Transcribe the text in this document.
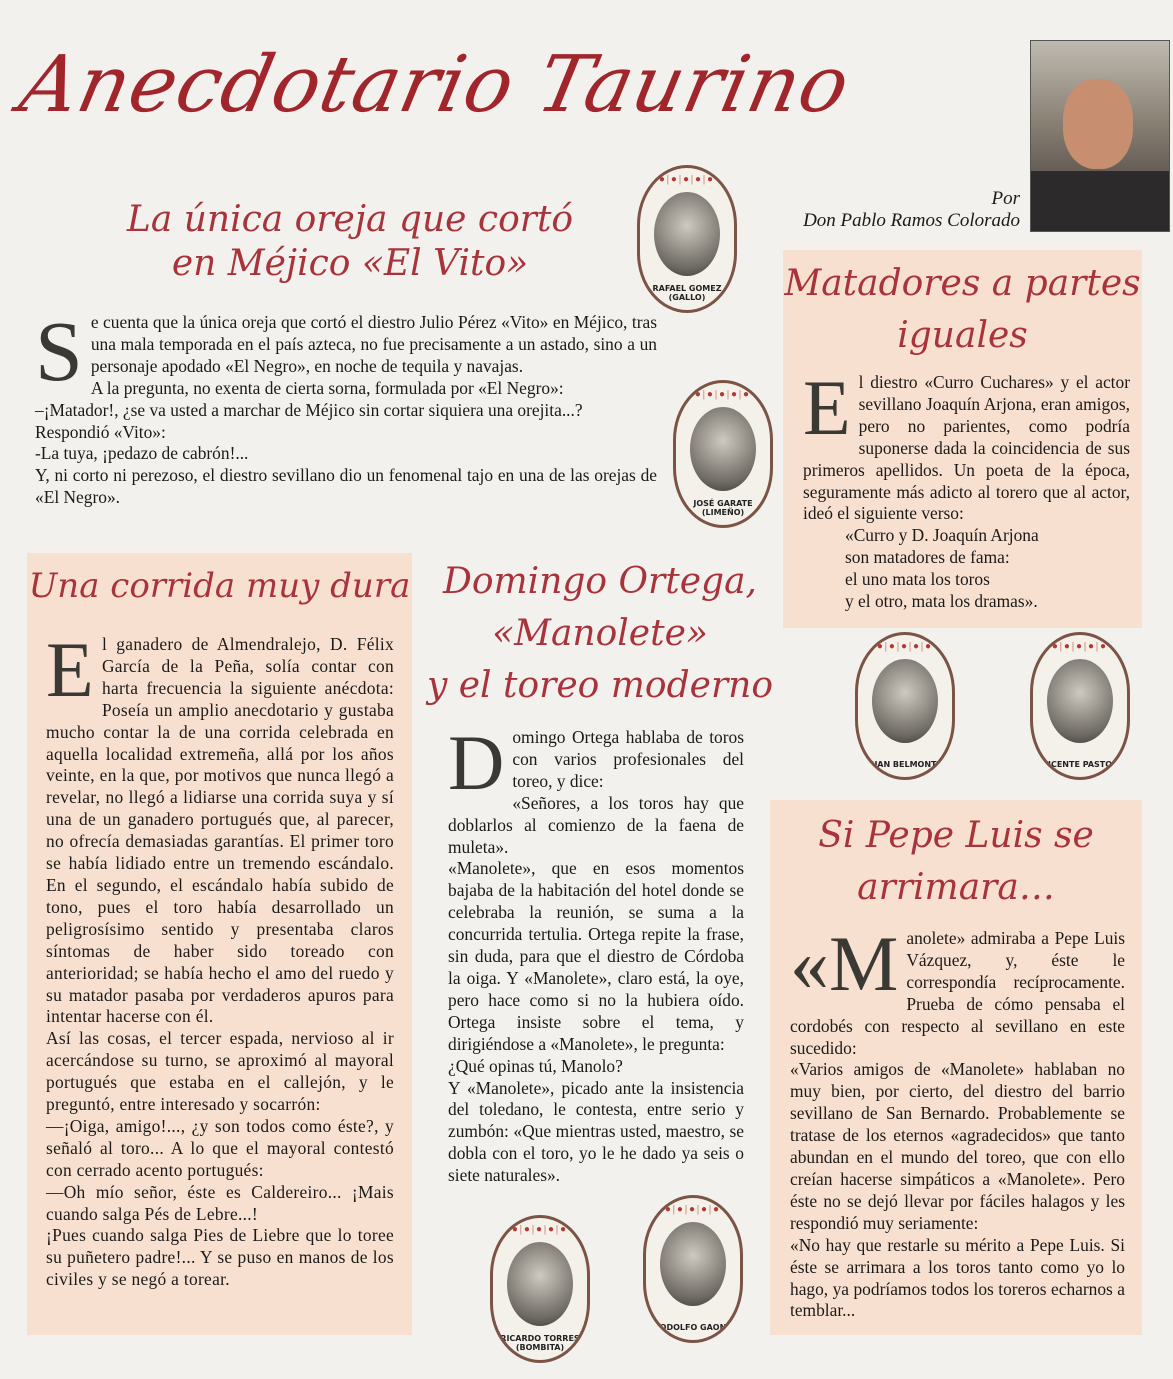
Anecdotario Taurino
Por
Don Pablo Ramos Colorado
La única oreja que cortó
en Méjico «El Vito»
S e cuenta que la única oreja que cortó el diestro Julio Pérez «Vito» en Méjico, tras una mala temporada en el país azteca, no fue precisamente a un astado, sino a un personaje apodado «El Negro», en noche de tequila y navajas.

A la pregunta, no exenta de cierta sorna, formulada por «El Negro»:

–¡Matador!, ¿se va usted a marchar de Méjico sin cortar siquiera una orejita...?

Respondió «Vito»:

-La tuya, ¡pedazo de cabrón!...

Y, ni corto ni perezoso, el diestro sevillano dio un fenomenal tajo en una de las orejas de «El Negro».

Una corrida muy dura
E l ganadero de Almendralejo, D. Félix García de la Peña, solía contar con harta frecuencia la siguiente anécdota: Poseía un amplio anecdotario y gustaba mucho contar la de una corrida celebrada en aquella localidad extremeña, allá por los años veinte, en la que, por motivos que nunca llegó a revelar, no llegó a lidiarse una corrida suya y sí una de un ganadero portugués que, al parecer, no ofrecía demasiadas garantías. El primer toro se había lidiado entre un tremendo escándalo. En el segundo, el escándalo había subido de tono, pues el toro había desarrollado un peligrosísimo sentido y presentaba claros síntomas de haber sido toreado con anterioridad; se había hecho el amo del ruedo y su matador pasaba por verdaderos apuros para intentar hacerse con él.

Así las cosas, el tercer espada, nervioso al ir acercándose su turno, se aproximó al mayoral portugués que estaba en el callejón, y le preguntó, entre interesado y socarrón:

—¡Oiga, amigo!..., ¿y son todos como éste?, y señaló al toro... A lo que el mayoral contestó con cerrado acento portugués:

—Oh mío señor, éste es Caldereiro... ¡Mais cuando salga Pés de Lebre...!

¡Pues cuando salga Pies de Liebre que lo toree su puñetero padre!... Y se puso en manos de los civiles y se negó a torear.

Domingo Ortega,
«Manolete»
y el toreo moderno
D omingo Ortega hablaba de toros con varios profesionales del toreo, y dice:

«Señores, a los toros hay que doblarlos al comienzo de la faena de muleta».

«Manolete», que en esos momentos bajaba de la habitación del hotel donde se celebraba la reunión, se suma a la concurrida tertulia. Ortega repite la frase, sin duda, para que el diestro de Córdoba la oiga. Y «Manolete», claro está, la oye, pero hace como si no la hubiera oído. Ortega insiste sobre el tema, y dirigiéndose a «Manolete», le pregunta:

¿Qué opinas tú, Manolo?

Y «Manolete», picado ante la insistencia del toledano, le contesta, entre serio y zumbón: «Que mientras usted, maestro, se dobla con el toro, yo le he dado ya seis o siete naturales».

Matadores a partes
iguales
E l diestro «Curro Cuchares» y el actor sevillano Joaquín Arjona, eran amigos, pero no parientes, como podría suponerse dada la coincidencia de sus primeros apellidos. Un poeta de la época, seguramente más adicto al torero que al actor, ideó el siguiente verso:

«Curro y D. Joaquín Arjona
son matadores de fama:
el uno mata los toros
y el otro, mata los dramas».
Si Pepe Luis se
arrimara…
«M anolete» admiraba a Pepe Luis Vázquez, y, éste le correspondía recíprocamente. Prueba de cómo pensaba el cordobés con respecto al sevillano en este sucedido:

«Varios amigos de «Manolete» hablaban no muy bien, por cierto, del diestro del barrio sevillano de San Bernardo. Probablemente se tratase de los eternos «agradecidos» que tanto abundan en el mundo del toreo, que con ello creían hacerse simpáticos a «Manolete». Pero éste no se dejó llevar por fáciles halagos y les respondió muy seriamente:

«No hay que restarle su mérito a Pepe Luis. Si éste se arrimara a los toros tanto como yo lo hago, ya podríamos todos los toreros echarnos a temblar...

●|●|●|●|●
RAFAEL GOMEZ
(GALLO)
●|●|●|●|●
JOSÉ GARATE
(LIMEÑO)
●|●|●|●|●
JUAN BELMONTE
●|●|●|●|●
VICENTE PASTOR
●|●|●|●|●
RICARDO TORRES
(BOMBITA)
●|●|●|●|●
RODOLFO GAONA
